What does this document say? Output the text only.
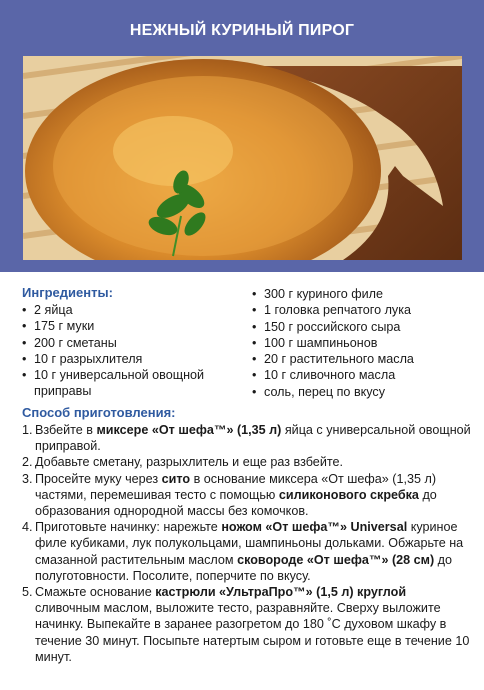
НЕЖНЫЙ КУРИНЫЙ ПИРОГ
Ингредиенты:
• 2 яйца
• 175 г муки
• 200 г сметаны
• 10 г разрыхлителя
• 10 г универсальной овощной приправы
• 300 г куриного филе
• 1 головка репчатого лука
• 150 г российского сыра
• 100 г шампиньонов
• 20 г растительного масла
• 10 г сливочного масла
• соль, перец по вкусу
Способ приготовления:
1. Взбейте в миксере «От шефа™» (1,35 л) яйца с универсальной овощной приправой.
2. Добавьте сметану, разрыхлитель и еще раз взбейте.
3. Просейте муку через сито в основание миксера «От шефа» (1,35 л) частями, перемешивая тесто с помощью силиконового скребка до образования однородной массы без комочков.
4. Приготовьте начинку: нарежьте ножом «От шефа™» Universal куриное филе кубиками, лук полукольцами, шампиньоны дольками. Обжарьте на смазанной растительным маслом сковороде «От шефа™» (28 см) до полуготовности. Посолите, поперчите по вкусу.
5. Смажьте основание кастрюли «УльтраПро™» (1,5 л) круглой сливочным маслом, выложите тесто, разравняйте. Сверху выложите начинку. Выпекайте в заранее разогретом до 180 ˚С духовом шкафу в течение 30 минут. Посыпьте натертым сыром и готовьте еще в течение 10 минут.
